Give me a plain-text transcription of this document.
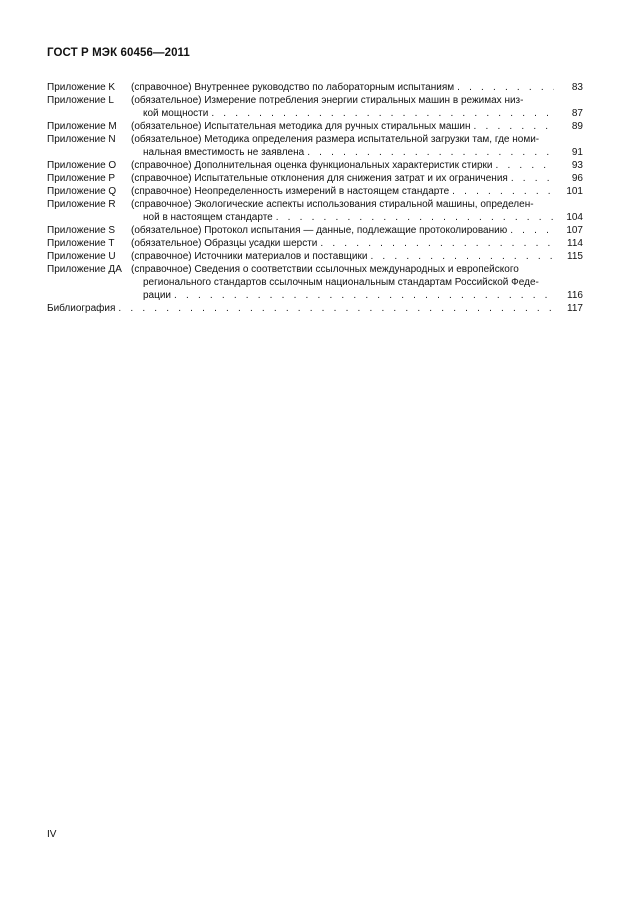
ГОСТ Р МЭК 60456—2011
Приложение K	(справочное) Внутреннее руководство по лабораторным испытаниям . . .	83
Приложение L	(обязательное) Измерение потребления энергии стиральных машин в режимах низ-
кой мощности . . .	87
Приложение M	(обязательное) Испытательная методика для ручных стиральных машин . . .	89
Приложение N	(обязательное) Методика определения размера испытательной загрузки там, где номи-
нальная вместимость не заявлена . . .	91
Приложение O	(справочное) Дополнительная оценка функциональных характеристик стирки . . .	93
Приложение P	(справочное) Испытательные отклонения для снижения затрат и их ограничения . . .	96
Приложение Q	(справочное) Неопределенность измерений в настоящем стандарте . . .	101
Приложение R	(справочное) Экологические аспекты использования стиральной машины, определен-
ной в настоящем стандарте . . .	104
Приложение S	(обязательное) Протокол испытания — данные, подлежащие протоколированию . . .	107
Приложение T	(обязательное) Образцы усадки шерсти . . .	114
Приложение U	(справочное) Источники материалов и поставщики . . .	115
Приложение ДА (справочное) Сведения о соответствии ссылочных международных и европейского
регионального стандартов ссылочным национальным стандартам Российской Феде-
рации . . .	116
Библиография . . .	117
IV
